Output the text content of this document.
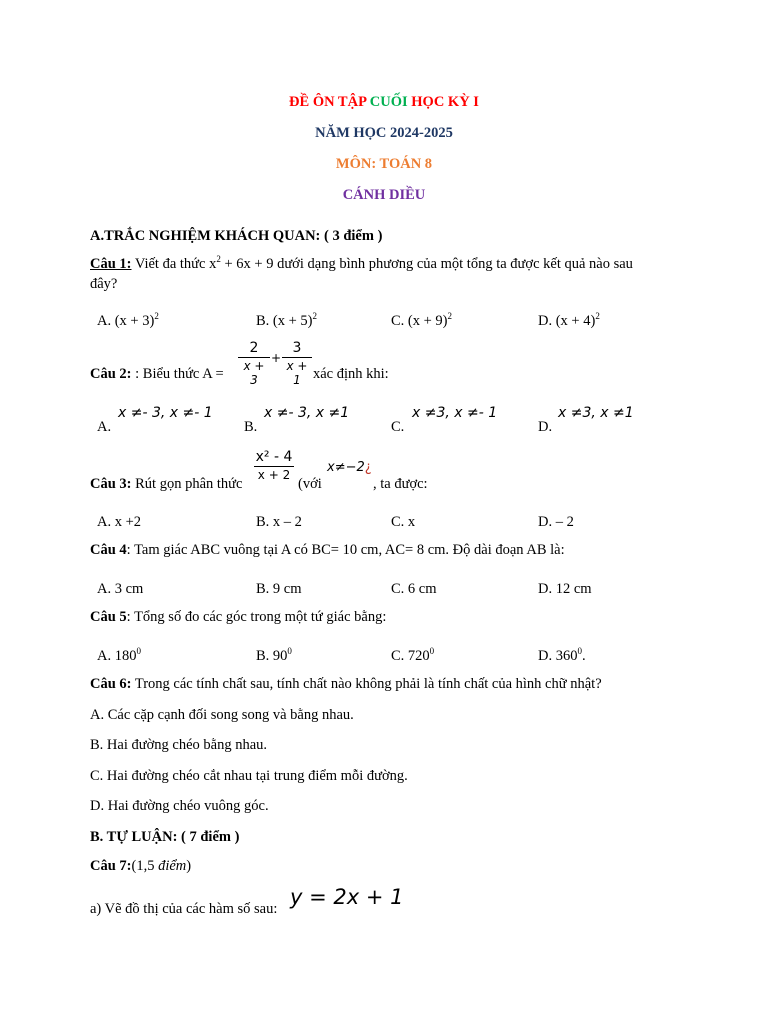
ĐỀ ÔN TẬP CUỐI HỌC KỲ I
NĂM HỌC 2024-2025
MÔN: TOÁN 8
CÁNH DIỀU
A.TRẮC NGHIỆM KHÁCH QUAN: ( 3 điểm )
Câu 1: Viết đa thức $x^2 + 6x + 9$ dưới dạng bình phương của một tổng ta được kết quả nào sau
đây?
A. $(x + 3)^2$	B. $(x + 5)^2$	C. $(x + 9)^2$	D. $(x + 4)^2$
Câu 2: : Biểu thức A =
2
x + 3
+
3
x + 1 xác định khi:
A.
x ≠- 3, x ≠- 1
B.
x ≠- 3, x ≠1
C.
x ≠3, x ≠- 1
D.
x ≠3, x ≠1
Câu 3: Rút gọn phân thức
x² - 4
x + 2
(với
x≠−2¿
, ta được:
A. x +2	B. x – 2	C. x	D. – 2
Câu 4: Tam giác ABC vuông tại A có BC= 10 cm, AC= 8 cm. Độ dài đoạn AB là:
A. 3 cm	B. 9 cm	C. 6 cm	D. 12 cm
Câu 5: Tổng số đo các góc trong một tứ giác bằng:
A. $180^0$	B. $90^0$	C. $720^0$	D. $360^0$.
Câu 6: Trong các tính chất sau, tính chất nào không phải là tính chất của hình chữ nhật?
A. Các cặp cạnh đối song song và bằng nhau.
B. Hai đường chéo bằng nhau.
C. Hai đường chéo cắt nhau tại trung điểm mỗi đường.
D. Hai đường chéo vuông góc.
B. TỰ LUẬN: ( 7 điểm )
Câu 7:(1,5 điểm)
a) Vẽ đồ thị của các hàm số sau: y = 2x + 1
